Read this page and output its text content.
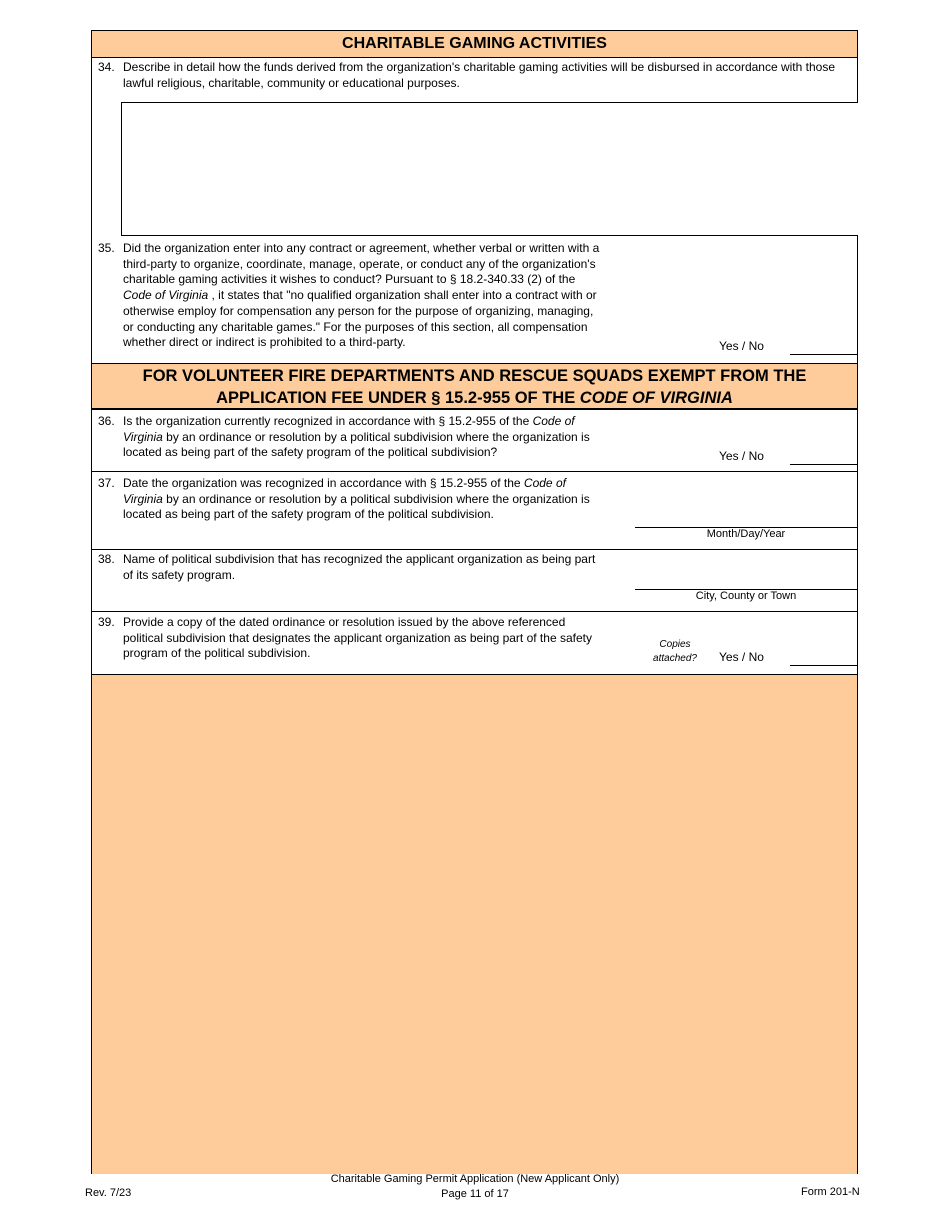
CHARITABLE GAMING ACTIVITIES
34. Describe in detail how the funds derived from the organization's charitable gaming activities will be disbursed in accordance with those lawful religious, charitable, community or educational purposes.
35. Did the organization enter into any contract or agreement, whether verbal or written with a
third-party to organize, coordinate, manage, operate, or conduct any of the organization's
charitable gaming activities it wishes to conduct? Pursuant to § 18.2-340.33 (2) of the
Code of Virginia , it states that "no qualified organization shall enter into a contract with or
otherwise employ for compensation any person for the purpose of organizing, managing,
or conducting any charitable games." For the purposes of this section, all compensation
whether direct or indirect is prohibited to a third-party.	Yes / No
FOR VOLUNTEER FIRE DEPARTMENTS AND RESCUE SQUADS EXEMPT FROM THE
APPLICATION FEE UNDER § 15.2-955 OF THE CODE OF VIRGINIA
36. Is the organization currently recognized in accordance with § 15.2-955 of the Code of
Virginia by an ordinance or resolution by a political subdivision where the organization is
located as being part of the safety program of the political subdivision?	Yes / No
37. Date the organization was recognized in accordance with § 15.2-955 of the Code of
Virginia by an ordinance or resolution by a political subdivision where the organization is
located as being part of the safety program of the political subdivision.
Month/Day/Year
38. Name of political subdivision that has recognized the applicant organization as being part
of its safety program.
City, County or Town
39. Provide a copy of the dated ordinance or resolution issued by the above referenced
political subdivision that designates the applicant organization as being part of the safety
program of the political subdivision.
Copies
attached?	Yes / No
Rev. 7/23
Charitable Gaming Permit Application (New Applicant Only)
Page 11 of 17	Form 201-N
